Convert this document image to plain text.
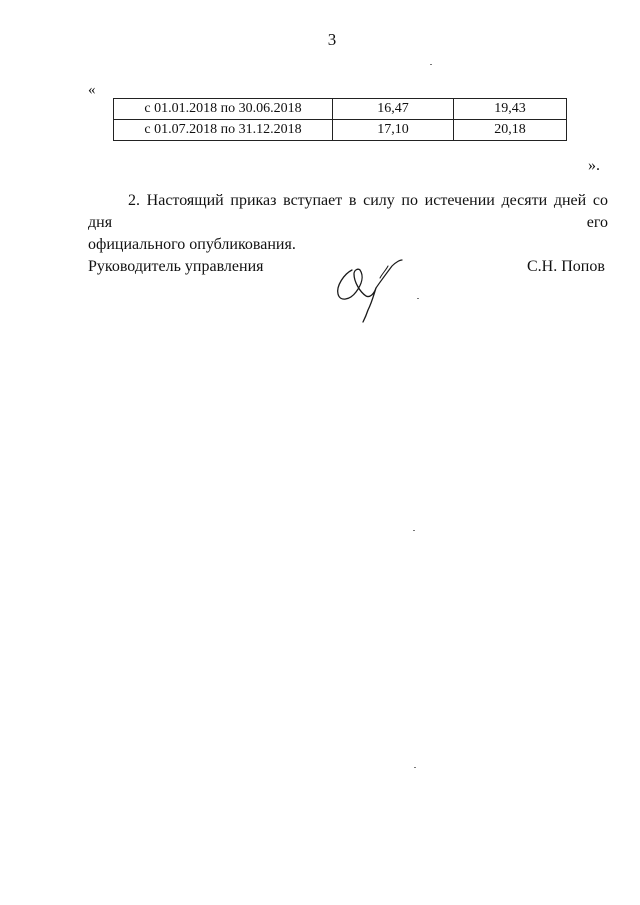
3
«
с 01.01.2018 по 30.06.2018	16,47	19,43
с 01.07.2018 по 31.12.2018	17,10	20,18
».
2. Настоящий приказ вступает в силу по истечении десяти дней со дня его
официального опубликования.
Руководитель управления	С.Н. Попов
